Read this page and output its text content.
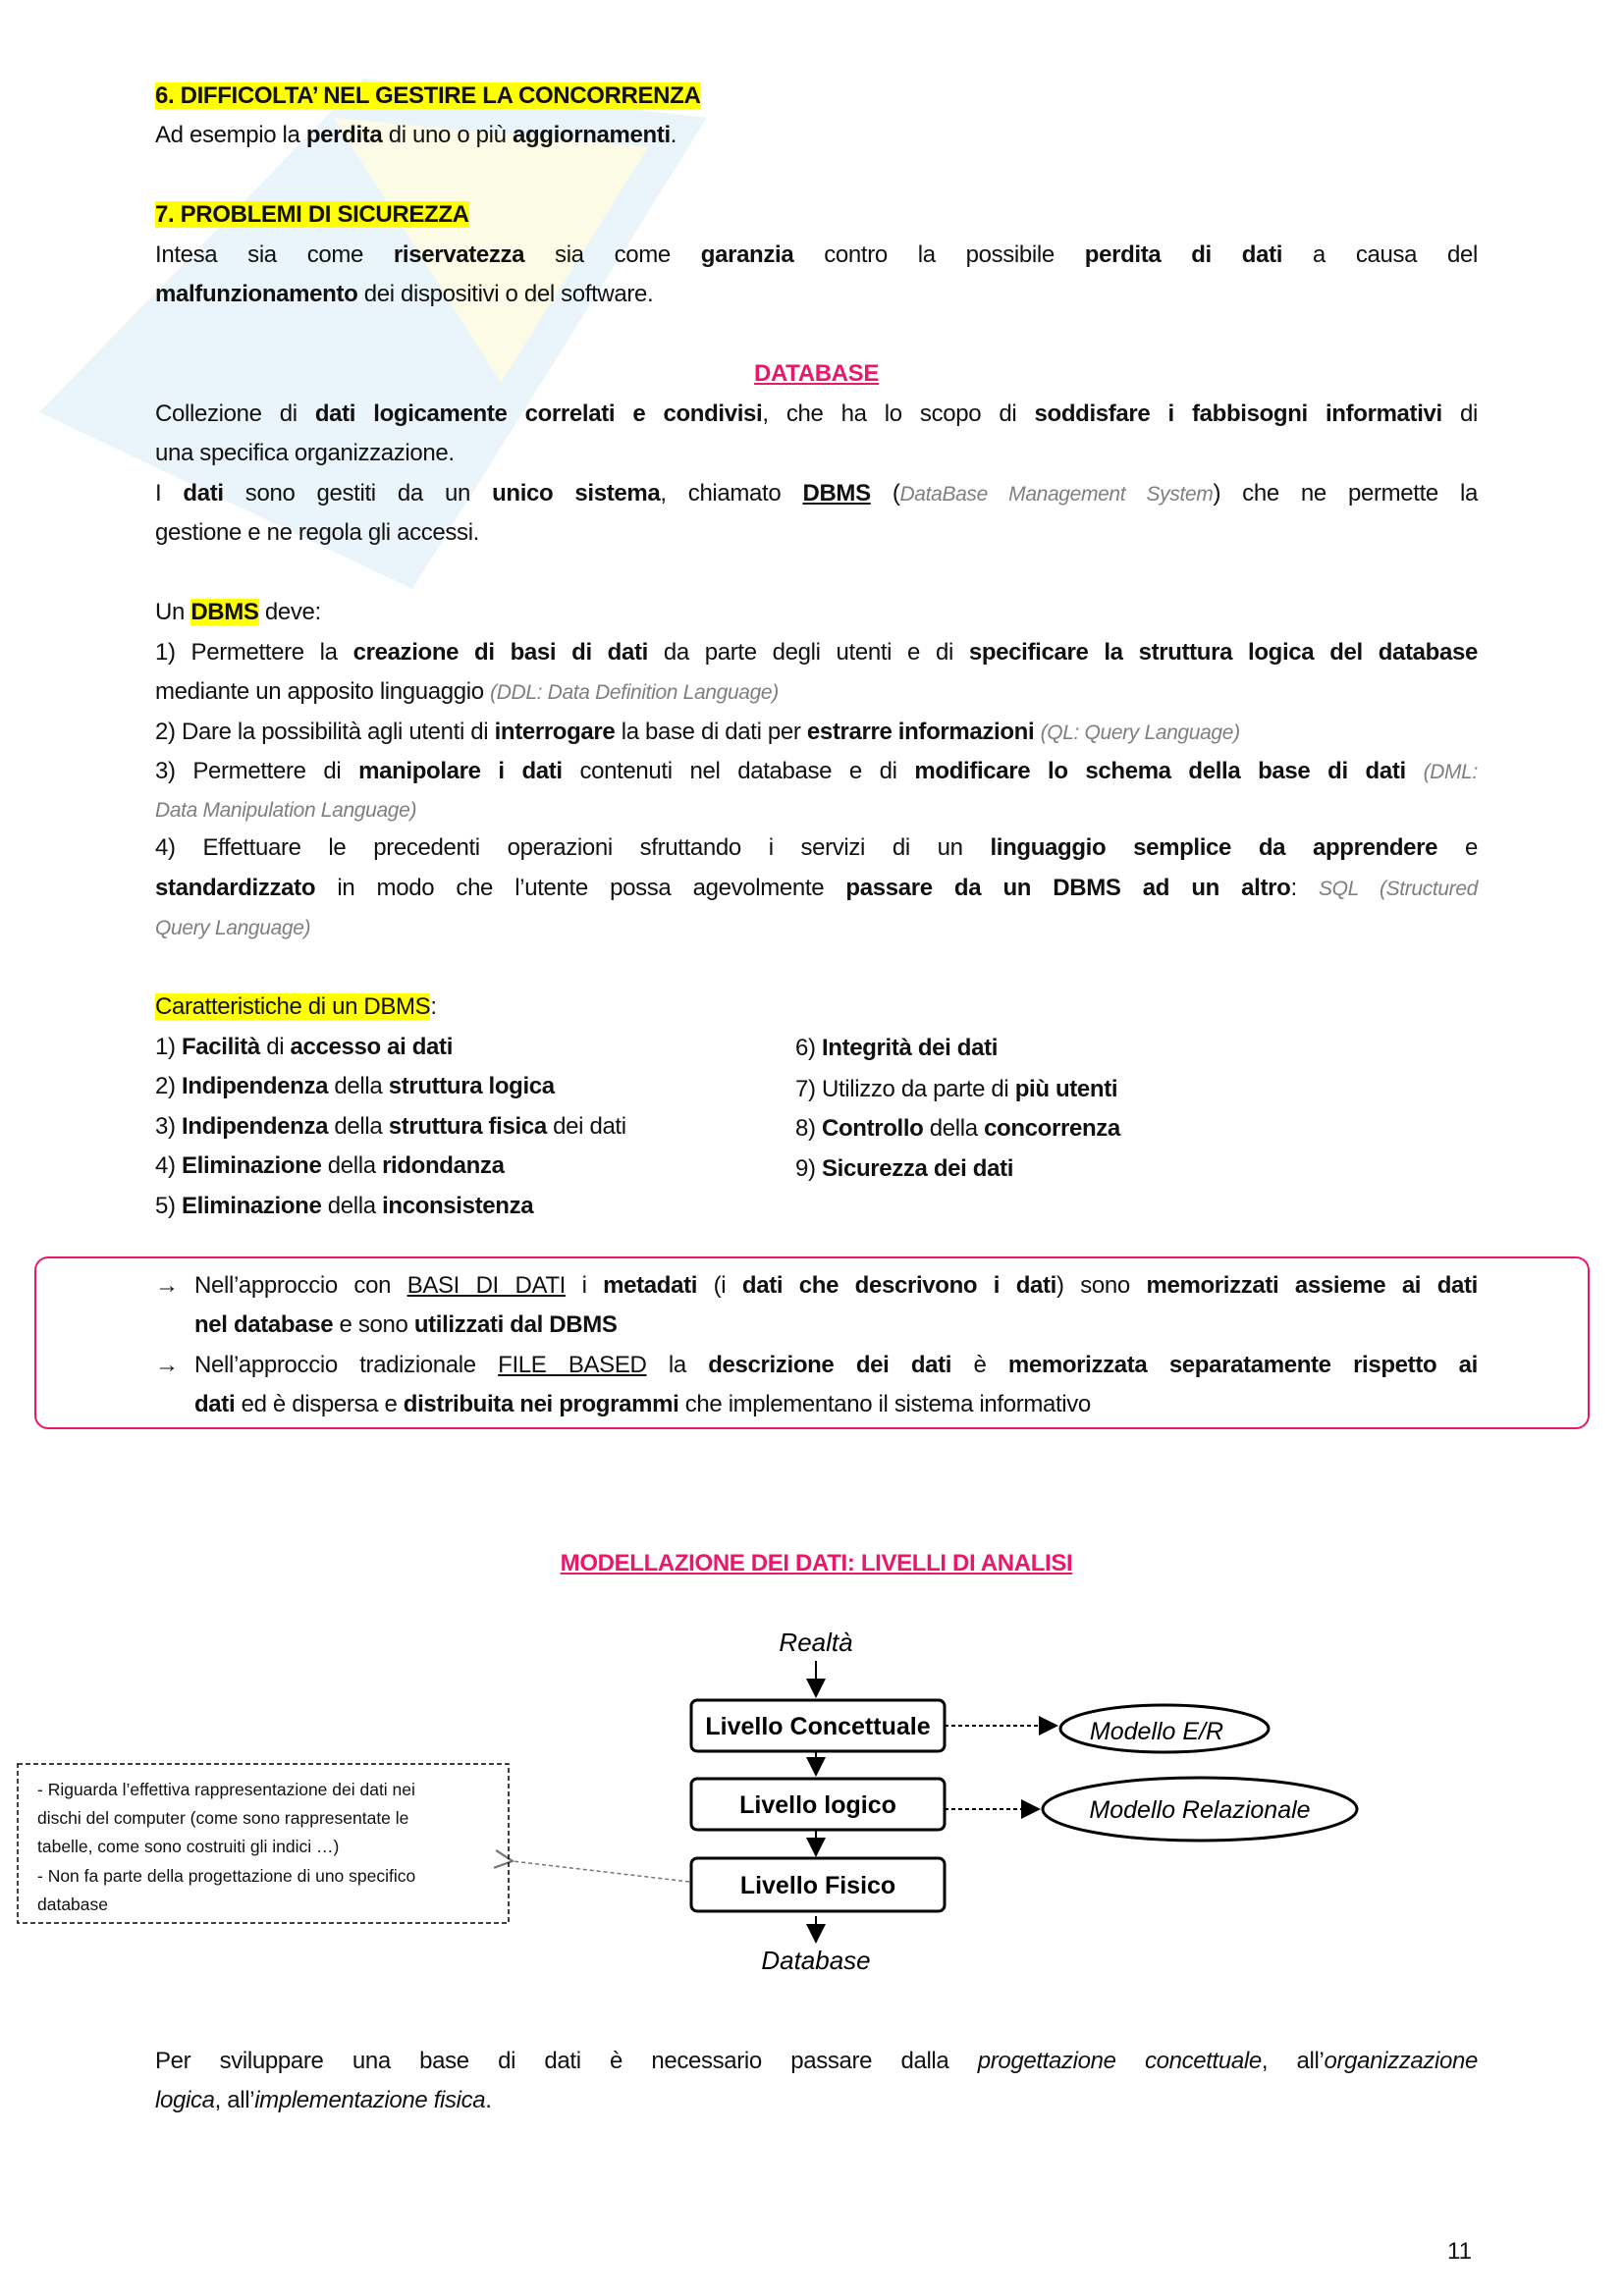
6. DIFFICOLTA’ NEL GESTIRE LA CONCORRENZA
Ad esempio la perdita di uno o più aggiornamenti.
7. PROBLEMI DI SICUREZZA
Intesa sia come riservatezza sia come garanzia contro la possibile perdita di dati a causa del
malfunzionamento dei dispositivi o del software.
DATABASE
Collezione di dati logicamente correlati e condivisi, che ha lo scopo di soddisfare i fabbisogni informativi di
una specifica organizzazione.
I dati sono gestiti da un unico sistema, chiamato DBMS (DataBase Management System) che ne permette la
gestione e ne regola gli accessi.
Un DBMS deve:
1) Permettere la creazione di basi di dati da parte degli utenti e di specificare la struttura logica del database
mediante un apposito linguaggio (DDL: Data Definition Language)
2) Dare la possibilità agli utenti di interrogare la base di dati per estrarre informazioni (QL: Query Language)
3) Permettere di manipolare i dati contenuti nel database e di modificare lo schema della base di dati (DML:
Data Manipulation Language)
4) Effettuare le precedenti operazioni sfruttando i servizi di un linguaggio semplice da apprendere e
standardizzato in modo che l’utente possa agevolmente passare da un DBMS ad un altro: SQL (Structured
Query Language)
Caratteristiche di un DBMS:
1) Facilità di accesso ai dati
2) Indipendenza della struttura logica
3) Indipendenza della struttura fisica dei dati
4) Eliminazione della ridondanza
5) Eliminazione della inconsistenza
6) Integrità dei dati
7) Utilizzo da parte di più utenti
8) Controllo della concorrenza
9) Sicurezza dei dati
→ Nell’approccio con BASI DI DATI i metadati (i dati che descrivono i dati) sono memorizzati assieme ai dati
nel database e sono utilizzati dal DBMS
→ Nell’approccio tradizionale FILE BASED la descrizione dei dati è memorizzata separatamente rispetto ai
dati ed è dispersa e distribuita nei programmi che implementano il sistema informativo
MODELLAZIONE DEI DATI: LIVELLI DI ANALISI
Realtà
Livello Concettuale
Livello logico
Livello Fisico
Database
Modello E/R
Modello Relazionale
- Riguarda l’effettiva rappresentazione dei dati nei
dischi del computer (come sono rappresentate le
tabelle, come sono costruiti gli indici …)
- Non fa parte della progettazione di uno specifico
database
Per sviluppare una base di dati è necessario passare dalla progettazione concettuale, all’organizzazione
logica, all’implementazione fisica.
11
